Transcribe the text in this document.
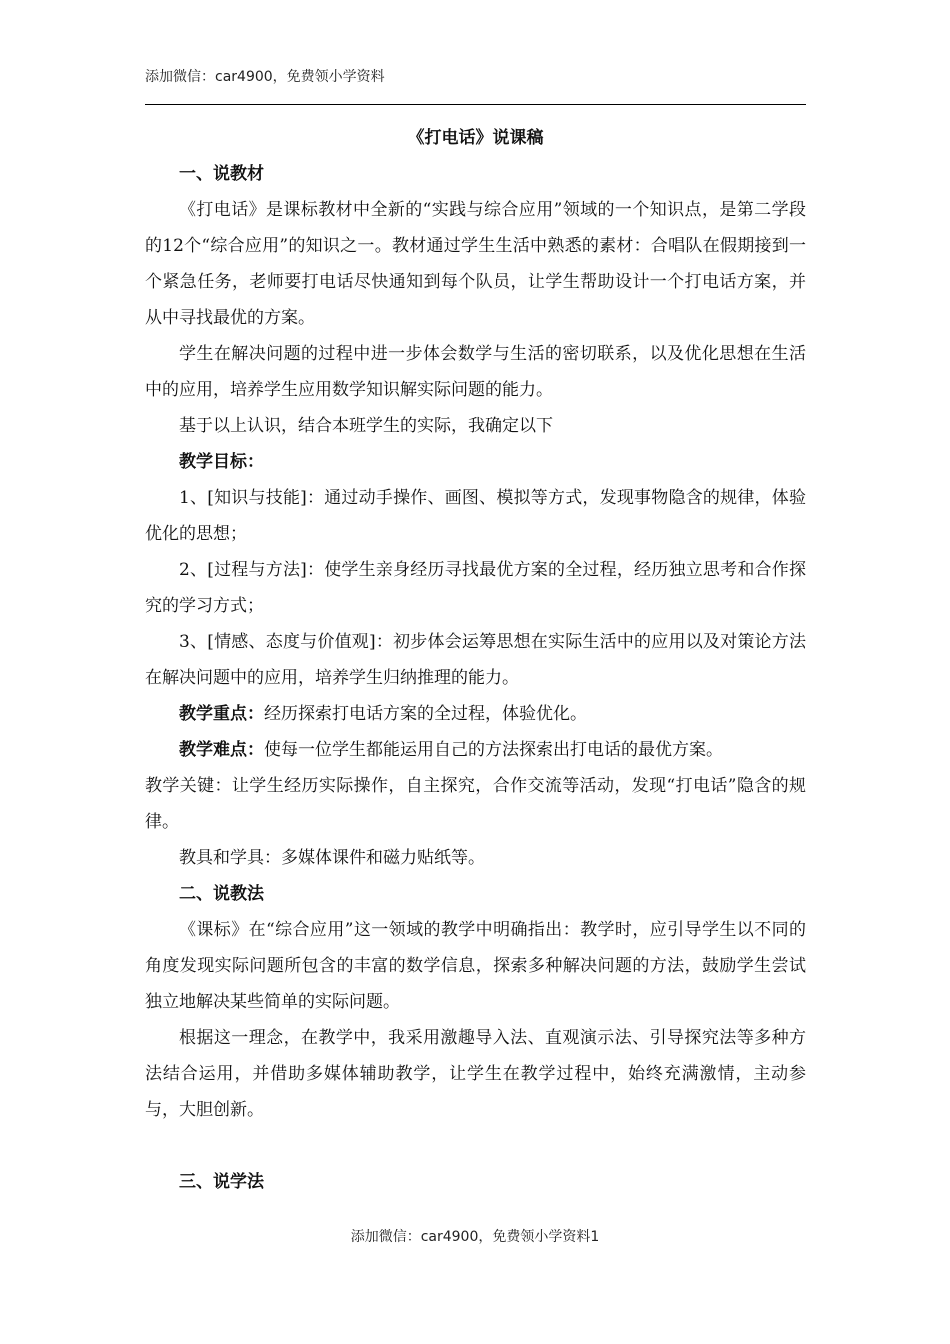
添加微信：car4900，免费领小学资料
《打电话》说课稿

一、说教材

《打电话》是课标教材中全新的“实践与综合应用”领域的一个知识点，是第二学段的12个“综合应用”的知识之一。教材通过学生生活中熟悉的素材：合唱队在假期接到一个紧急任务，老师要打电话尽快通知到每个队员，让学生帮助设计一个打电话方案，并从中寻找最优的方案。

学生在解决问题的过程中进一步体会数学与生活的密切联系，以及优化思想在生活中的应用，培养学生应用数学知识解实际问题的能力。

基于以上认识，结合本班学生的实际，我确定以下

教学目标：

1、[知识与技能]：通过动手操作、画图、模拟等方式，发现事物隐含的规律，体验优化的思想；

2、[过程与方法]：使学生亲身经历寻找最优方案的全过程，经历独立思考和合作探究的学习方式；

3、[情感、态度与价值观]：初步体会运筹思想在实际生活中的应用以及对策论方法在解决问题中的应用，培养学生归纳推理的能力。

教学重点：经历探索打电话方案的全过程，体验优化。

教学难点：使每一位学生都能运用自己的方法探索出打电话的最优方案。

教学关键：让学生经历实际操作，自主探究，合作交流等活动，发现“打电话”隐含的规律。

教具和学具：多媒体课件和磁力贴纸等。

二、说教法

《课标》在“综合应用”这一领域的教学中明确指出：教学时，应引导学生以不同的角度发现实际问题所包含的丰富的数学信息，探索多种解决问题的方法，鼓励学生尝试独立地解决某些简单的实际问题。

根据这一理念，在教学中，我采用激趣导入法、直观演示法、引导探究法等多种方法结合运用，并借助多媒体辅助教学，让学生在教学过程中，始终充满激情，主动参与，大胆创新。

三、说学法

添加微信：car4900，免费领小学资料1
